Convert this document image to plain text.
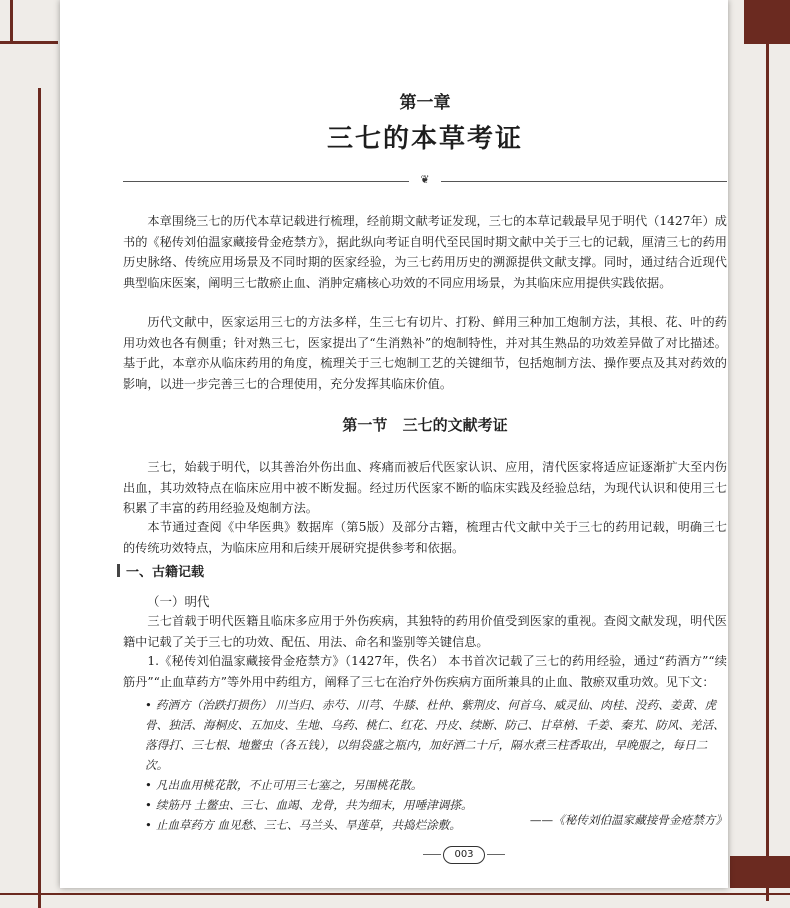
第一章
三七的本草考证
❦

本章围绕三七的历代本草记载进行梳理，经前期文献考证发现，三七的本草记载最早见于明代（1427年）成书的《秘传刘伯温家藏接骨金疮禁方》，据此纵向考证自明代至民国时期文献中关于三七的记载，厘清三七的药用历史脉络、传统应用场景及不同时期的医家经验，为三七药用历史的溯源提供文献支撑。同时，通过结合近现代典型临床医案，阐明三七散瘀止血、消肿定痛核心功效的不同应用场景，为其临床应用提供实践依据。

历代文献中，医家运用三七的方法多样，生三七有切片、打粉、鲜用三种加工炮制方法，其根、花、叶的药用功效也各有侧重；针对熟三七，医家提出了“生消熟补”的炮制特性，并对其生熟品的功效差异做了对比描述。基于此，本章亦从临床药用的角度，梳理关于三七炮制工艺的关键细节，包括炮制方法、操作要点及其对药效的影响，以进一步完善三七的合理使用，充分发挥其临床价值。

第一节 三七的文献考证

三七，始载于明代，以其善治外伤出血、疼痛而被后代医家认识、应用，清代医家将适应证逐渐扩大至内伤出血，其功效特点在临床应用中被不断发掘。经过历代医家不断的临床实践及经验总结，为现代认识和使用三七积累了丰富的药用经验及炮制方法。

本节通过查阅《中华医典》数据库（第5版）及部分古籍，梳理古代文献中关于三七的药用记载，明确三七的传统功效特点，为临床应用和后续开展研究提供参考和依据。

一、古籍记载
（一）明代

三七首载于明代医籍且临床多应用于外伤疾病，其独特的药用价值受到医家的重视。查阅文献发现，明代医籍中记载了关于三七的功效、配伍、用法、命名和鉴别等关键信息。

1.《秘传刘伯温家藏接骨金疮禁方》（1427年，佚名） 本书首次记载了三七的药用经验，通过“药酒方”“续筋丹”“止血草药方”等外用中药组方，阐释了三七在治疗外伤疾病方面所兼具的止血、散瘀双重功效。见下文：

• 药酒方（治跌打损伤） 川当归、赤芍、川芎、牛膝、杜仲、紫荆皮、何首乌、威灵仙、肉桂、没药、姜黄、虎骨、独活、海桐皮、五加皮、生地、乌药、桃仁、红花、丹皮、续断、防己、甘草梢、千姜、秦艽、防风、羌活、落得打、三七根、地鳖虫（各五钱），以绢袋盛之瓶内，加好酒二十斤，隔水煮三柱香取出，早晚服之，每日二次。

• 凡出血用桃花散，不止可用三七塞之，另围桃花散。

• 续筋丹 土鳖虫、三七、血竭、龙骨，共为细末，用唾津调搽。

• 止血草药方 血见愁、三七、马兰头、旱莲草，共捣烂涂敷。	——《秘传刘伯温家藏接骨金疮禁方》
003
